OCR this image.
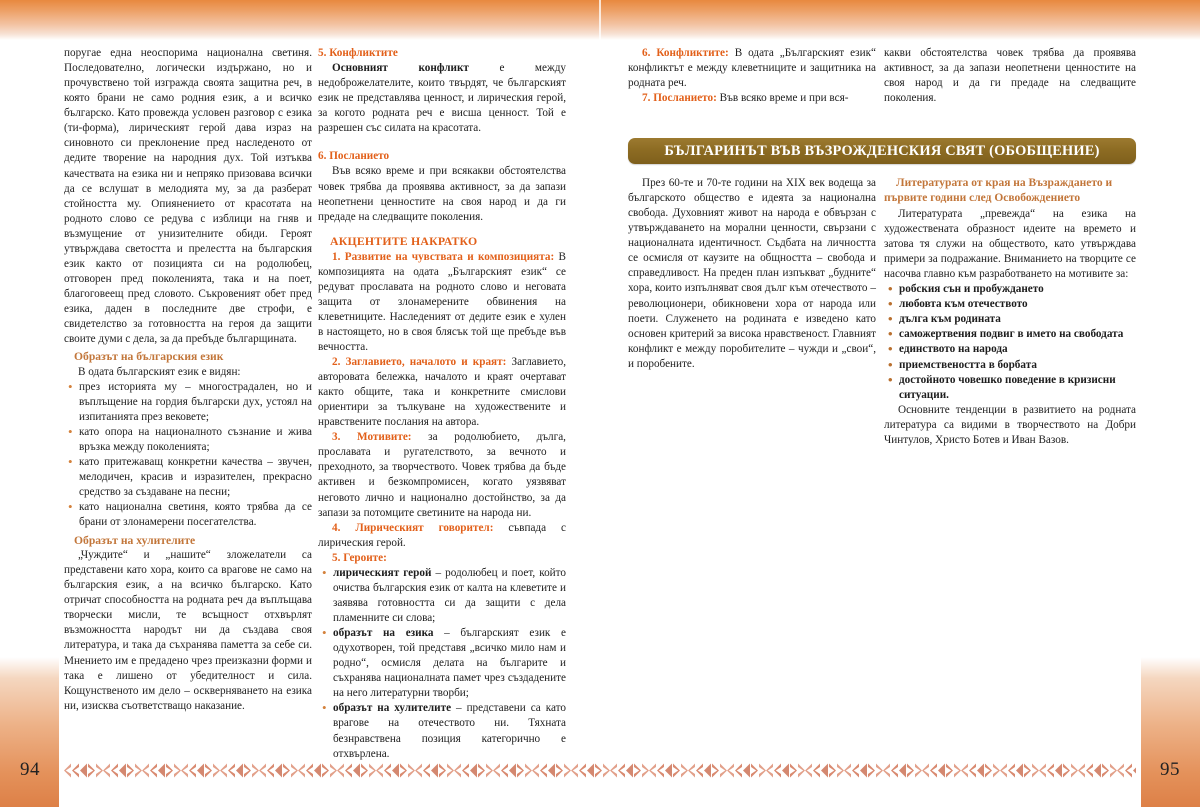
94	95

поругае една неоспорима национална светиня. Последователно, логически издържано, но и прочувствено той изгражда своята защитна реч, в която брани не само родния език, а и всичко българско. Като провежда условен разговор с езика (ти-форма), лирическият герой дава израз на синовното си преклонение пред наследеното от дедите творение на народния дух. Той изтъква качествата на езика ни и непряко призовава всички да се вслушат в мелодията му, за да разберат стойността му. Опиянението от красотата на родното слово се редува с изблици на гняв и възмущение от унизителните обиди. Героят утвърждава светостта и прелестта на българския език както от позицията си на родолюбец, отговорен пред поколенията, така и на поет, благоговеещ пред словото. Съкровеният обет пред езика, даден в последните две строфи, е свидетелство за готовността на героя да защити своите думи с дела, за да пребъде българщината.

Образът на българския език

В одата българският език е видян:

• през историята му – многострадален, но и въплъщение на гордия български дух, устоял на изпитанията през вековете;
• като опора на националното съзнание и жива връзка между поколенията;
• като притежаващ конкретни качества – звучен, мелодичен, красив и изразителен, прекрасно средство за създаване на песни;
• като национална светиня, която трябва да се брани от злонамерени посегателства.
Образът на хулителите

„Чуждите“ и „нашите“ зложелатели са представени като хора, които са врагове не само на българския език, а на всичко българско. Като отричат способността на родната реч да въплъщава творчески мисли, те всъщност отхвърлят възможността народът ни да създава своя литература, и така да съхранява паметта за себе си. Мнението им е предадено чрез преизказни форми и така е лишено от убедителност и сила. Кощунственото им дело – оскверняването на езика ни, изисква съответстващо наказание.

5. Конфликтите

Основният конфликт е между недоброжелателите, които твърдят, че българският език не представлява ценност, и лирическия герой, за когото родната реч е висша ценност. Той е разрешен със силата на красотата.

6. Посланието

Във всяко време и при всякакви обстоятелства човек трябва да проявява активност, за да запази неопетнени ценностите на своя народ и да ги предаде на следващите поколения.

АКЦЕНТИТЕ НАКРАТКО

1. Развитие на чувствата и композицията: В композицията на одата „Българският език“ се редуват прославата на родното слово и неговата защита от злонамерените обвинения на клеветниците. Наследеният от дедите език е хулен в настоящето, но в своя блясък той ще пребъде във вечността.

2. Заглавието, началото и краят: Заглавието, авторовата бележка, началото и краят очертават както общите, така и конкретните смислови ориентири за тълкуване на художествените и нравствените послания на автора.

3. Мотивите: за родолюбието, дълга, прославата и ругателството, за вечното и преходното, за творчеството. Човек трябва да бъде активен и безкомпромисен, когато уязвяват неговото лично и национално достойнство, за да запази за потомците светините на народа ни.

4. Лирическият говорител: съвпада с лирическия герой.

5. Героите:

• лирическият герой – родолюбец и поет, който очиства българския език от калта на клеветите и заявява готовността си да защити с дела пламенните си слова;
• образът на езика – българският език е одухотворен, той представя „всичко мило нам и родно“, осмисля делата на българите и съхранява националната памет чрез създадените на него литературни творби;
• образът на хулителите – представени са като врагове на отечеството ни. Тяхната безнравствена позиция категорично е отхвърлена.

6. Конфликтите: В одата „Българският език“ конфликтът е между клеветниците и защитника на родната реч.

7. Посланието: Във всяко време и при вся-

какви обстоятелства човек трябва да проявява активност, за да запази неопетнени ценностите на своя народ и да ги предаде на следващите поколения.

БЪЛГАРИНЪТ ВЪВ ВЪЗРОЖДЕНСКИЯ СВЯТ (ОБОБЩЕНИЕ)

През 60-те и 70-те години на XIX век водеща за българското общество е идеята за национална свобода. Духовният живот на народа е обвързан с утвърждаването на морални ценности, свързани с националната идентичност. Съдбата на личността се осмисля от каузите на общността – свобода и справедливост. На преден план изпъкват „будните“ хора, които изпълняват своя дълг към отечеството – революционери, обикновени хора от народа или поети. Служенето на родината е изведено като основен критерий за висока нравственост. Главният конфликт е между поробителите – чужди и „свои“, и поробените.

Литературата от края на Възраждането и първите години след Освобождението

Литературата „превежда“ на езика на художествената образност идеите на времето и затова тя служи на обществото, като утвърждава примери за подражание. Вниманието на творците се насочва главно към разработването на мотивите за:

• робския сън и пробуждането
• любовта към отечеството
• дълга към родината
• саможертвения подвиг в името на свободата
• единството на народа
• приемствеността в борбата
• достойното човешко поведение в кризисни ситуации.

Основните тенденции в развитието на родната литература са видими в творчеството на Добри Чинтулов, Христо Ботев и Иван Вазов.
